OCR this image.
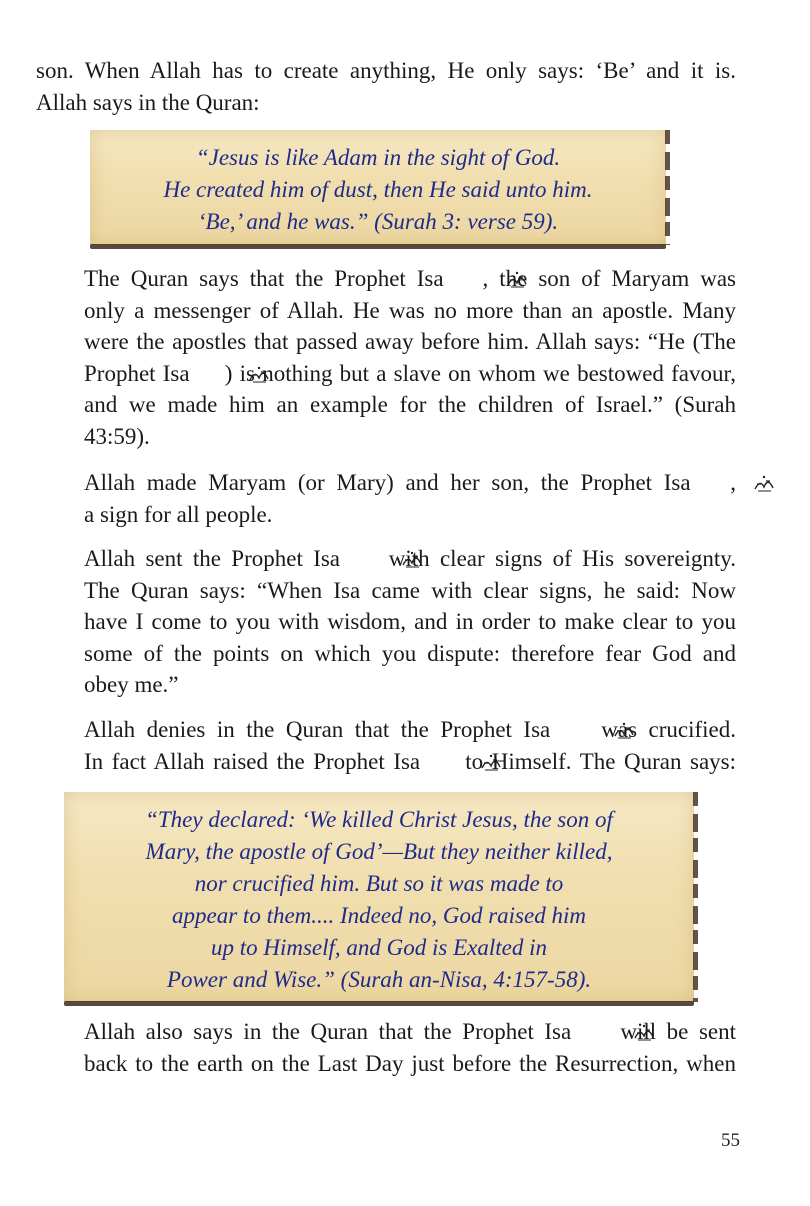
son. When Allah has to create anything, He only says: ‘Be’ and it is.
Allah says in the Quran:

“Jesus is like Adam in the sight of God.
He created him of dust, then He said unto him.
‘Be,’ and he was.” (Surah 3: verse 59).

The Quran says that the Prophet Isa , the son of Maryam was
only a messenger of Allah. He was no more than an apostle. Many
were the apostles that passed away before him. Allah says: “He (The
Prophet Isa ) is nothing but a slave on whom we bestowed favour,
and we made him an example for the children of Israel.” (Surah
43:59).

Allah made Maryam (or Mary) and her son, the Prophet Isa ,
a sign for all people.

Allah sent the Prophet Isa with clear signs of His sovereignty.
The Quran says: “When Isa came with clear signs, he said: Now
have I come to you with wisdom, and in order to make clear to you
some of the points on which you dispute: therefore fear God and
obey me.”

Allah denies in the Quran that the Prophet Isa was crucified.
In fact Allah raised the Prophet Isa to Himself. The Quran says:

“They declared: ‘We killed Christ Jesus, the son of
Mary, the apostle of God’—But they neither killed,
nor crucified him. But so it was made to
appear to them.... Indeed no, God raised him
up to Himself, and God is Exalted in
Power and Wise.” (Surah an-Nisa, 4:157-58).

Allah also says in the Quran that the Prophet Isa will be sent
back to the earth on the Last Day just before the Resurrection, when

55
